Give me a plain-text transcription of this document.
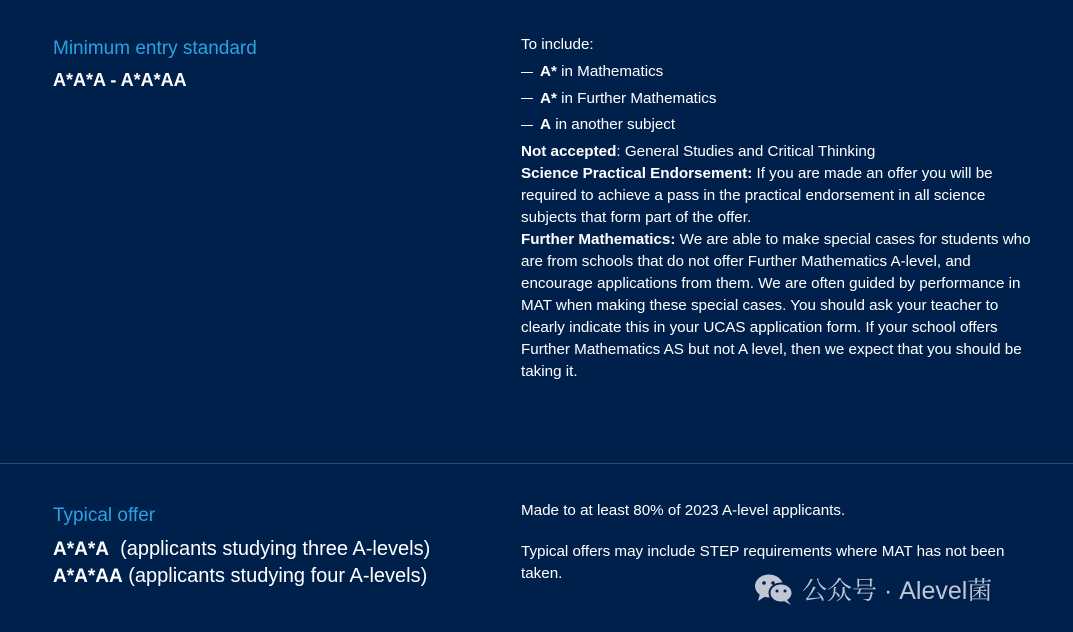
Minimum entry standard
A*A*A - A*A*AA

To include:

A*
in Mathematics
A*
in Further Mathematics
A
in another subject

Not accepted: General Studies and Critical Thinking

Science Practical Endorsement: If you are made an offer you will be required to achieve a pass in the practical endorsement in all science subjects that form part of the offer.

Further Mathematics: We are able to make special cases for students who are from schools that do not offer Further Mathematics A-level, and encourage applications from them. We are often guided by performance in MAT when making these special cases. You should ask your teacher to clearly indicate this in your UCAS application form. If your school offers Further Mathematics AS but not A level, then we expect that you should be taking it.

Typical offer
A*A*A  (applicants studying three A-levels)
A*A*AA (applicants studying four A-levels)

Made to at least 80% of 2023 A-level applicants.

Typical offers may include STEP requirements where MAT has not been taken.

公众号 · Alevel菌
